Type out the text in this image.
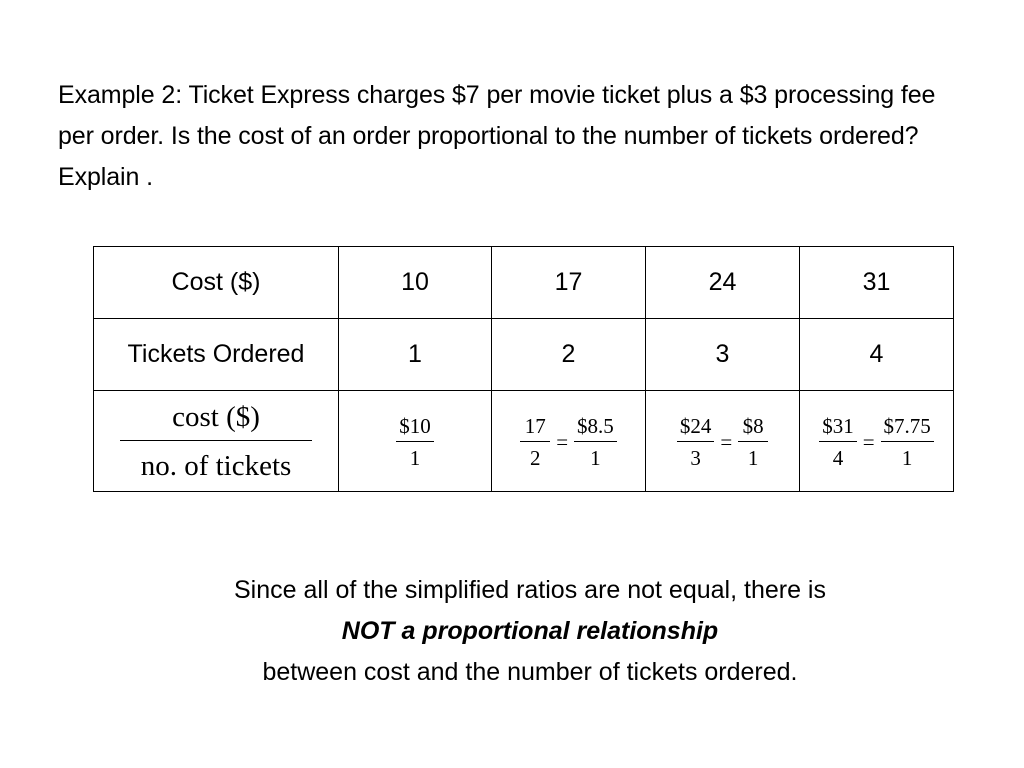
Example 2: Ticket Express charges $7 per movie ticket plus a $3 processing fee per order. Is the cost of an order proportional to the number of tickets ordered? Explain .

Cost ($)	10	17	24	31
Tickets Ordered	1	2	3	4

$\frac{\cos t (\$)}{\text{no. of tickets}}$	$\frac{\$10}{1}$	$\frac{17}{2} = \frac{\$8.5}{1}$	$\frac{\$24}{3} = \frac{\$8}{1}$	$\frac{\$31}{4} = \frac{\$7.75}{1}$
Since all of the simplified ratios are not equal, there is
NOT a proportional relationship
between cost and the number of tickets ordered.
